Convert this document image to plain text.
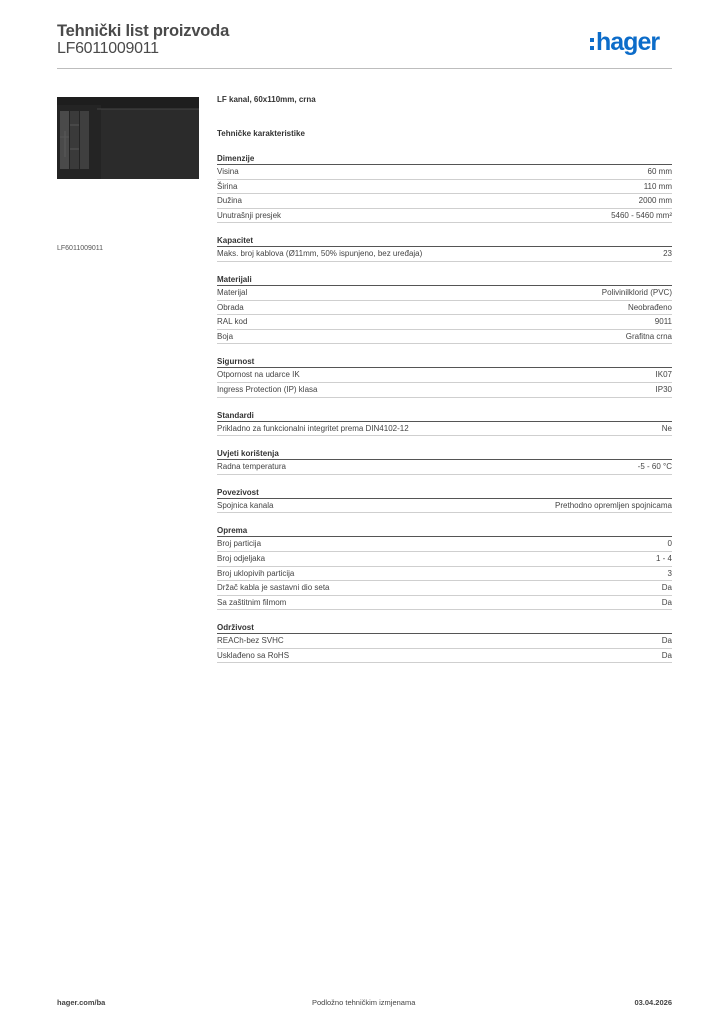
Tehnički list proizvoda
LF6011009011	hager
LF6011009011
LF kanal, 60x110mm, crna
Tehničke karakteristike
Dimenzije
Visina	60 mm
Širina	110 mm
Dužina	2000 mm
Unutrašnji presjek	5460 - 5460 mm²
Kapacitet
Maks. broj kablova (Ø11mm, 50% ispunjeno, bez uređaja)	23
Materijali
Materijal	Polivinilklorid (PVC)
Obrada	Neobrađeno
RAL kod	9011
Boja	Grafitna crna
Sigurnost
Otpornost na udarce IK	IK07
Ingress Protection (IP) klasa	IP30
Standardi
Prikladno za funkcionalni integritet prema DIN4102-12	Ne
Uvjeti korištenja
Radna temperatura	-5 - 60 °C
Povezivost
Spojnica kanala	Prethodno opremljen spojnicama
Oprema
Broj particija	0
Broj odjeljaka	1 - 4
Broj uklopivih particija	3
Držač kabla je sastavni dio seta	Da
Sa zaštitnim filmom	Da
Održivost
REACh-bez SVHC	Da
Usklađeno sa RoHS	Da
hager.com/ba	Podložno tehničkim izmjenama	03.04.2026
